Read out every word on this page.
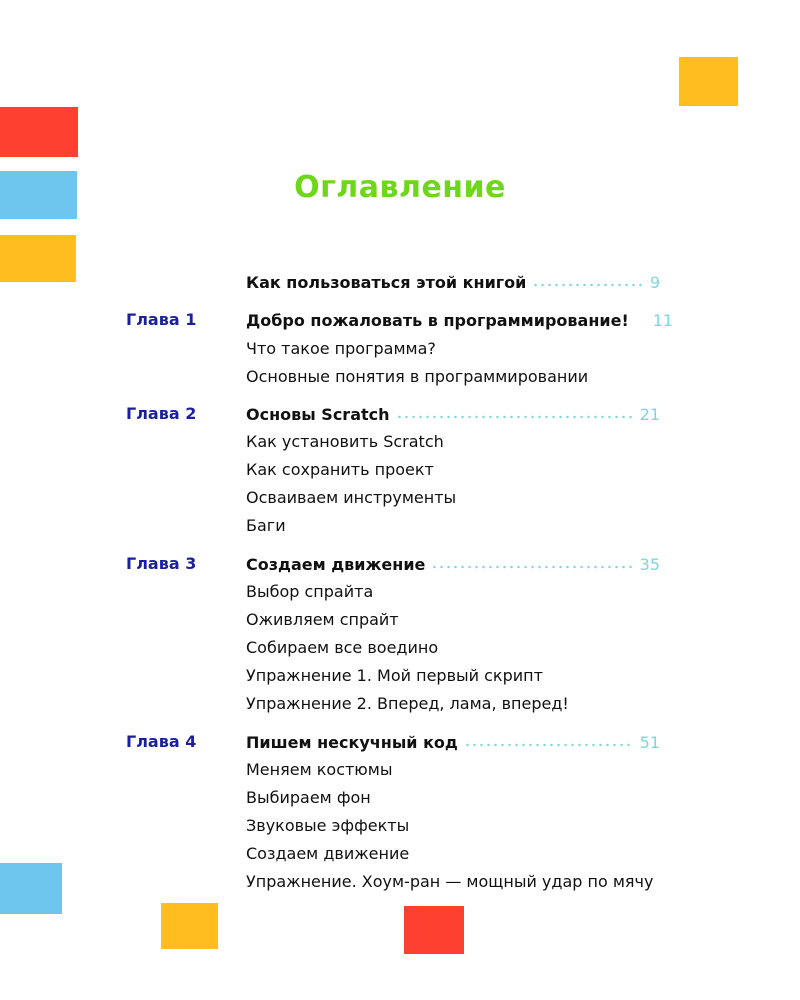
Оглавление
Как пользоваться этой книгой	9
Глава 1	Добро пожаловать в программирование! 11
Что такое программа?
Основные понятия в программировании
Глава 2	Основы Scratch	21
Как установить Scratch
Как сохранить проект
Осваиваем инструменты
Баги
Глава 3	Создаем движение	35
Выбор спрайта
Оживляем спрайт
Собираем все воедино
Упражнение 1. Мой первый скрипт
Упражнение 2. Вперед, лама, вперед!
Глава 4	Пишем нескучный код	51
Меняем костюмы
Выбираем фон
Звуковые эффекты
Создаем движение
Упражнение. Хоум-ран — мощный удар по мячу
